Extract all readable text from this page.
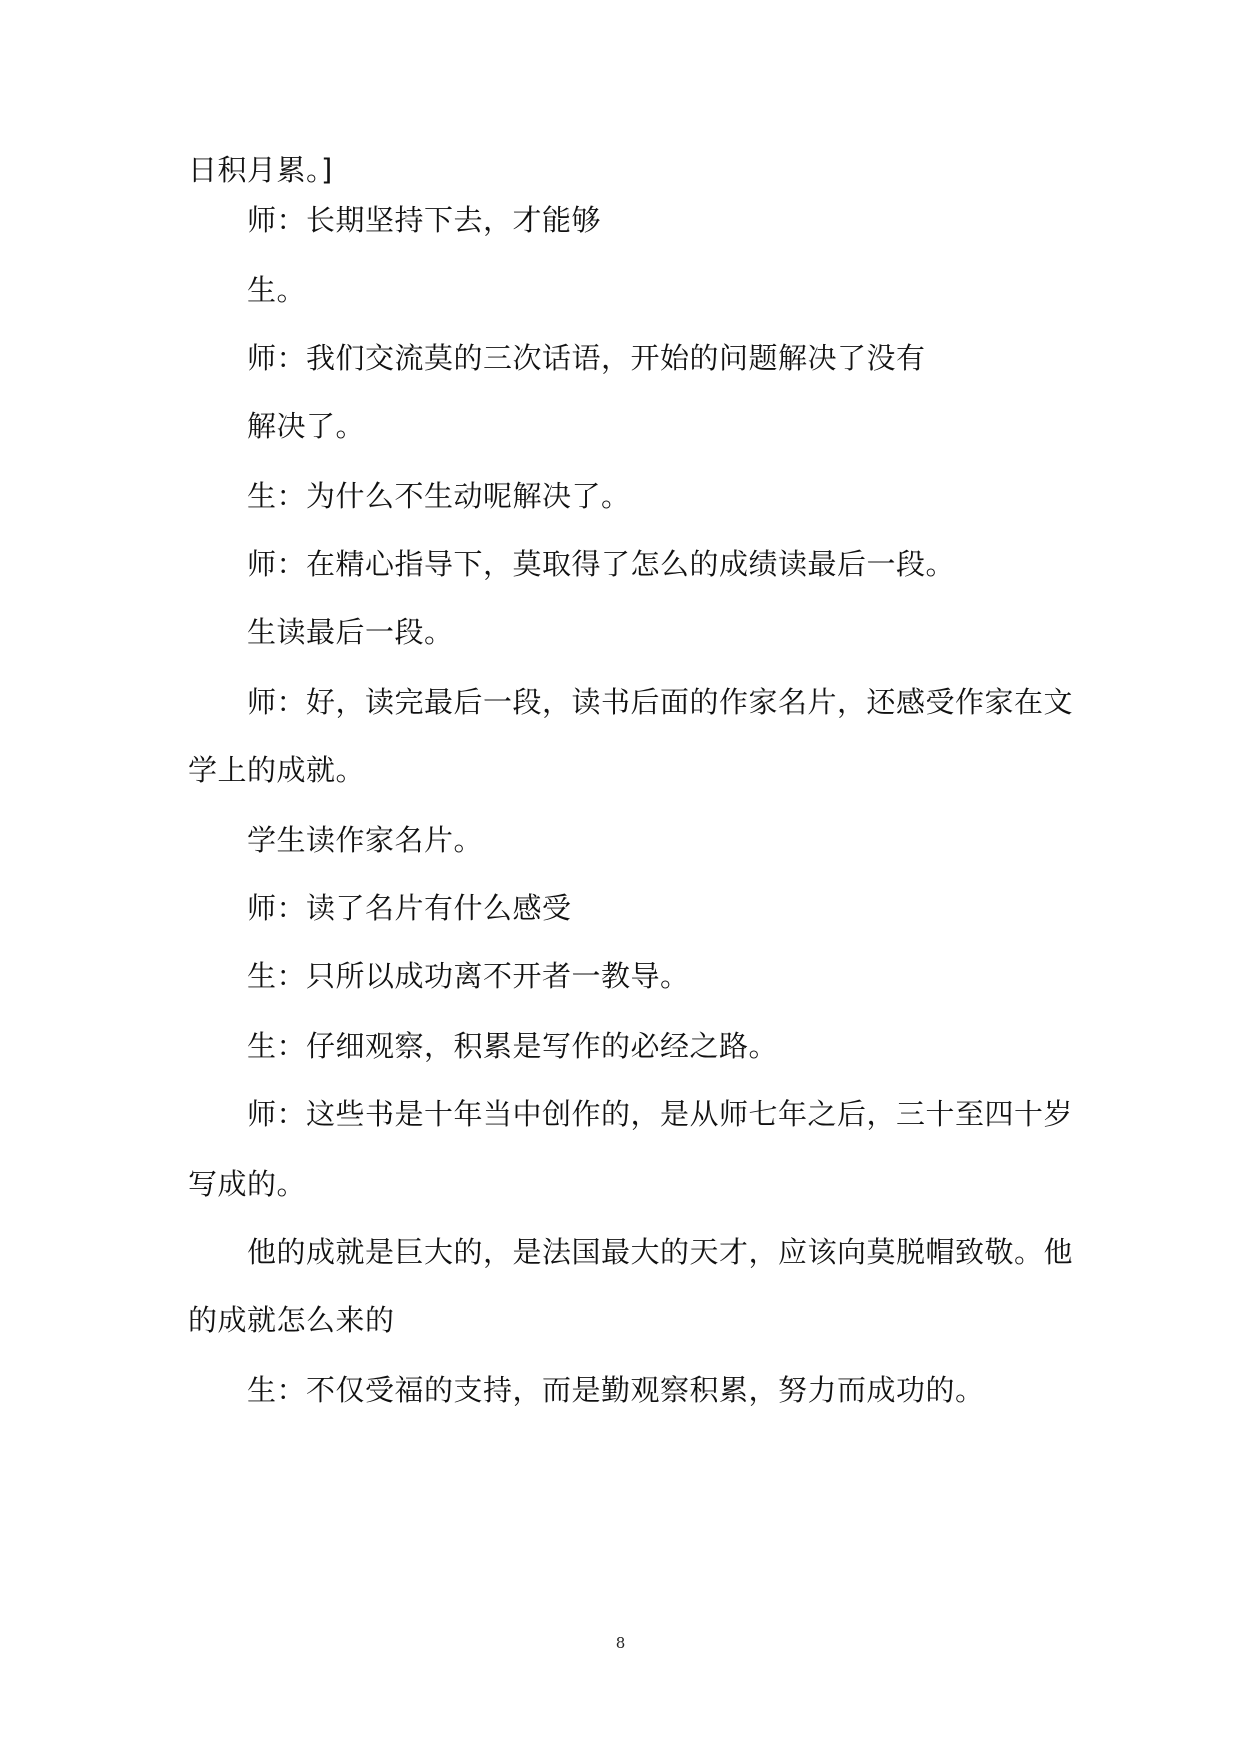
日积月累。]
师：长期坚持下去，才能够
生。
师：我们交流莫的三次话语，开始的问题解决了没有
解决了。
生：为什么不生动呢解决了。
师：在精心指导下，莫取得了怎么的成绩读最后一段。
生读最后一段。
师：好，读完最后一段，读书后面的作家名片，还感受作家在文
学上的成就。
学生读作家名片。
师：读了名片有什么感受
生：只所以成功离不开者一教导。
生：仔细观察，积累是写作的必经之路。
师：这些书是十年当中创作的，是从师七年之后，三十至四十岁
写成的。
他的成就是巨大的，是法国最大的天才，应该向莫脱帽致敬。他
的成就怎么来的
生：不仅受福的支持，而是勤观察积累，努力而成功的。
8
